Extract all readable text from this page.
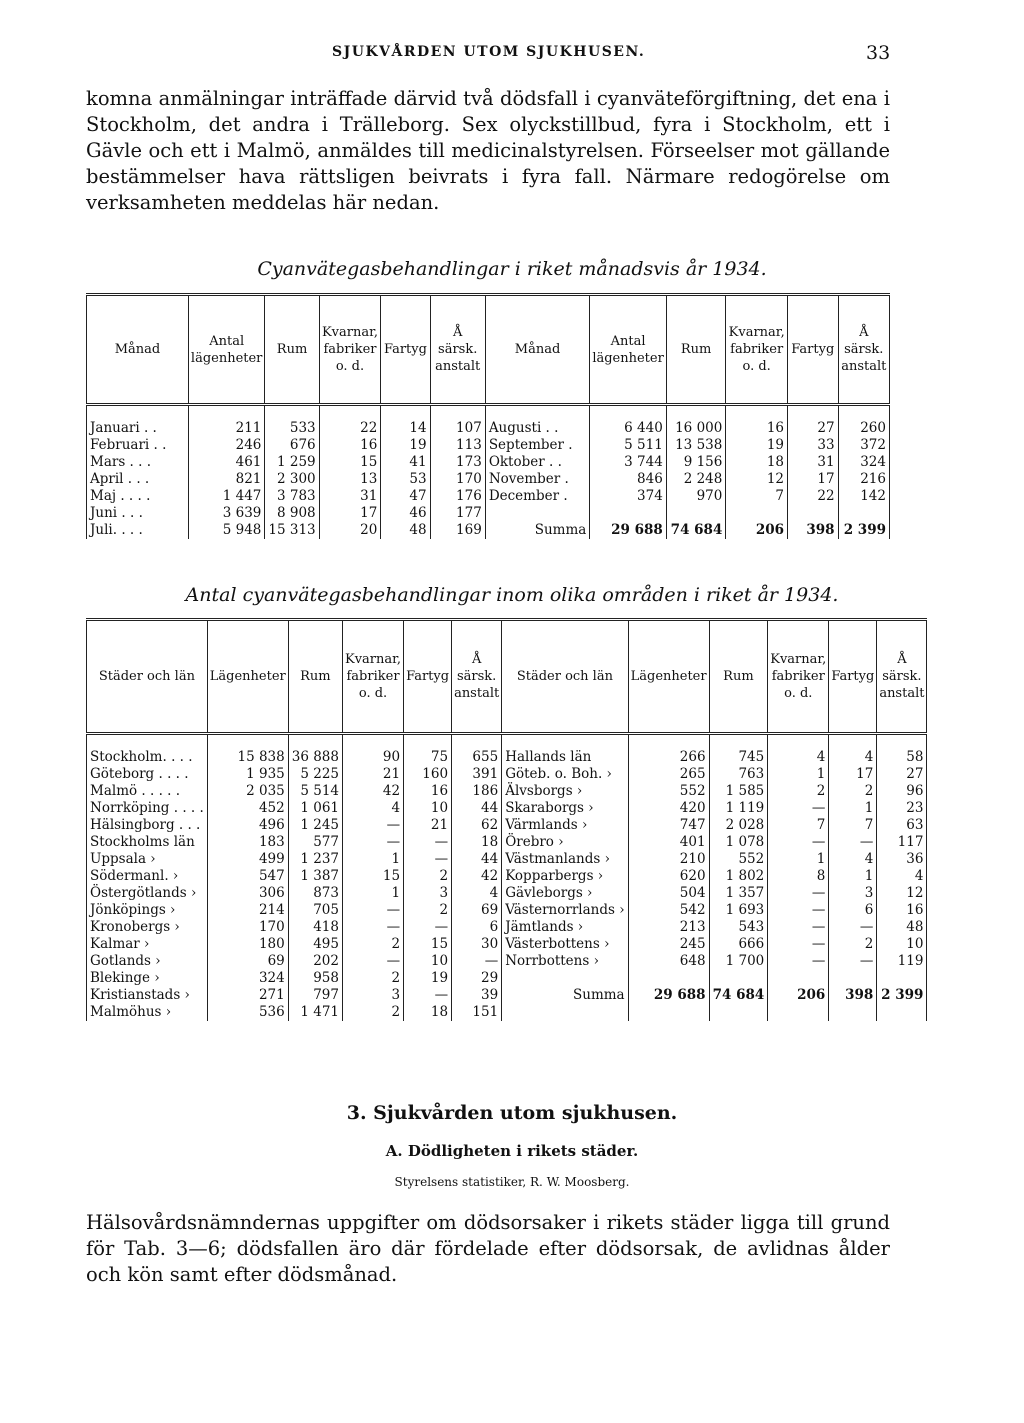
SJUKVÅRDEN UTOM SJUKHUSEN.	33

komna anmälningar inträffade därvid två dödsfall i cyanväteförgiftning, det ena i Stockholm, det andra i Trälleborg. Sex olyckstillbud, fyra i Stockholm, ett i Gävle och ett i Malmö, anmäldes till medicinalstyrelsen. Förseelser mot gällande bestämmelser hava rättsligen beivrats i fyra fall. Närmare redogörelse om verksamheten meddelas här nedan.

Cyanvätegasbehandlingar i riket månadsvis år 1934.
Månad	Antal lägenheter	Rum	Kvarnar, fabriker o. d.	Fartyg	Å särsk. anstalt	Månad	Antal lägenheter	Rum	Kvarnar, fabriker o. d.	Fartyg	Å särsk. anstalt
Januari . .	211	533	22	14	107	Augusti . .	6 440	16 000	16	27	260
Februari . .	246	676	16	19	113	September .	5 511	13 538	19	33	372
Mars . . .	461	1 259	15	41	173	Oktober . .	3 744	9 156	18	31	324
April . . .	821	2 300	13	53	170	November .	846	2 248	12	17	216
Maj . . . .	1 447	3 783	31	47	176	December .	374	970	7	22	142
Juni . . .	3 639	8 908	17	46	177						
Juli. . . .	5 948	15 313	20	48	169	Summa	29 688	74 684	206	398	2 399
Antal cyanvätegasbehandlingar inom olika områden i riket år 1934.
Städer och län	Lägenheter	Rum	Kvarnar, fabriker o. d.	Fartyg	Å särsk. anstalt	Städer och län	Lägenheter	Rum	Kvarnar, fabriker o. d.	Fartyg	Å särsk. anstalt
Stockholm. . . .	15 838	36 888	90	75	655	Hallands län	266	745	4	4	58
Göteborg . . . .	1 935	5 225	21	160	391	Göteb. o. Boh. ›	265	763	1	17	27
Malmö . . . . .	2 035	5 514	42	16	186	Älvsborgs ›	552	1 585	2	2	96
Norrköping . . . .	452	1 061	4	10	44	Skaraborgs ›	420	1 119	—	1	23
Hälsingborg . . .	496	1 245	—	21	62	Värmlands ›	747	2 028	7	7	63
Stockholms län	183	577	—	—	18	Örebro ›	401	1 078	—	—	117
Uppsala ›	499	1 237	1	—	44	Västmanlands ›	210	552	1	4	36
Södermanl. ›	547	1 387	15	2	42	Kopparbergs ›	620	1 802	8	1	4
Östergötlands ›	306	873	1	3	4	Gävleborgs ›	504	1 357	—	3	12
Jönköpings ›	214	705	—	2	69	Västernorrlands ›	542	1 693	—	6	16
Kronobergs ›	170	418	—	—	6	Jämtlands ›	213	543	—	—	48
Kalmar ›	180	495	2	15	30	Västerbottens ›	245	666	—	2	10
Gotlands ›	69	202	—	10	—	Norrbottens ›	648	1 700	—	—	119
Blekinge ›	324	958	2	19	29						
Kristianstads ›	271	797	3	—	39	Summa	29 688	74 684	206	398	2 399
Malmöhus ›	536	1 471	2	18	151						
3. Sjukvården utom sjukhusen.
A. Dödligheten i rikets städer.
Styrelsens statistiker, R. W. Moosberg.

Hälsovårdsnämndernas uppgifter om dödsorsaker i rikets städer ligga till grund för Tab. 3—6; dödsfallen äro där fördelade efter dödsorsak, de avlidnas ålder och kön samt efter dödsmånad.
